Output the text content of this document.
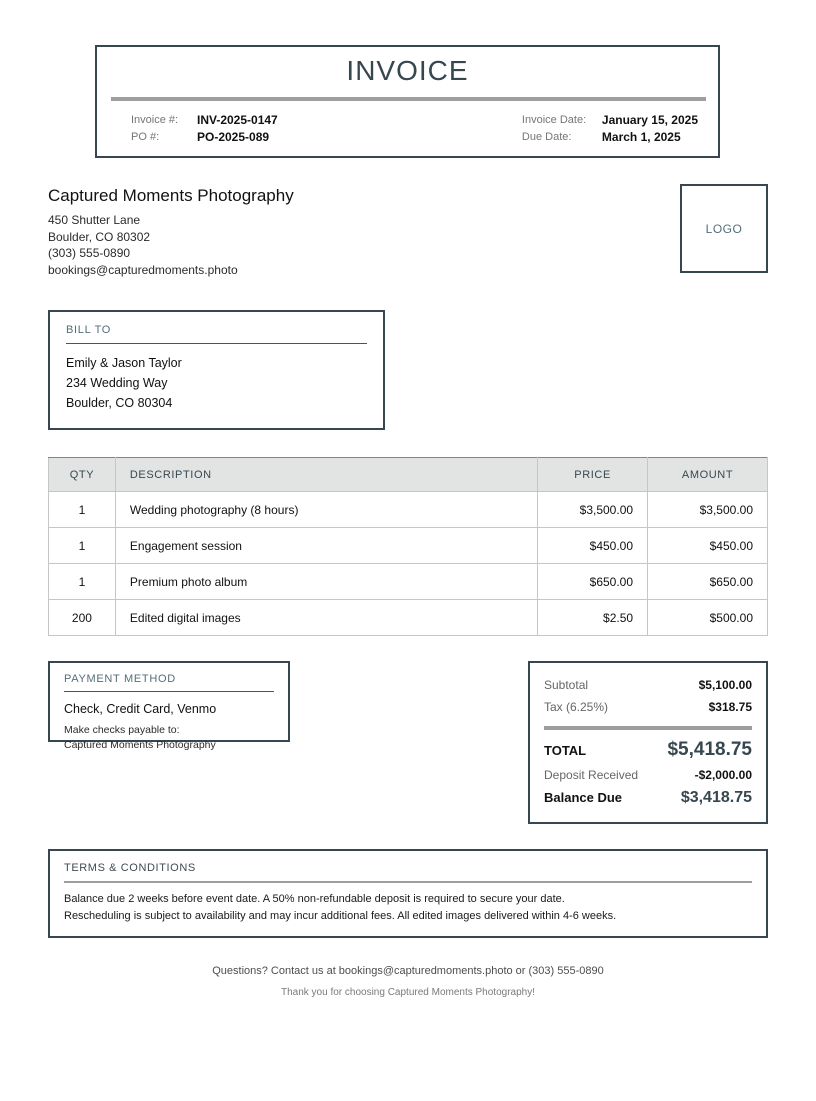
INVOICE
Invoice #:	INV-2025-0147
PO #:	PO-2025-089
Invoice Date:	January 15, 2025
Due Date:	March 1, 2025
Captured Moments Photography
450 Shutter Lane
Boulder, CO 80302
(303) 555-0890
bookings@capturedmoments.photo
LOGO
BILL TO
Emily & Jason Taylor
234 Wedding Way
Boulder, CO 80304
QTY	DESCRIPTION	PRICE	AMOUNT
1	Wedding photography (8 hours)	$3,500.00	$3,500.00
1	Engagement session	$450.00	$450.00
1	Premium photo album	$650.00	$650.00
200	Edited digital images	$2.50	$500.00
PAYMENT METHOD
Check, Credit Card, Venmo
Make checks payable to:
Captured Moments Photography
Subtotal	$5,100.00
Tax (6.25%)	$318.75
TOTAL	$5,418.75
Deposit Received	-$2,000.00
Balance Due	$3,418.75
TERMS & CONDITIONS
Balance due 2 weeks before event date. A 50% non-refundable deposit is required to secure your date.
Rescheduling is subject to availability and may incur additional fees. All edited images delivered within 4-6 weeks.
Questions? Contact us at bookings@capturedmoments.photo or (303) 555-0890
Thank you for choosing Captured Moments Photography!
